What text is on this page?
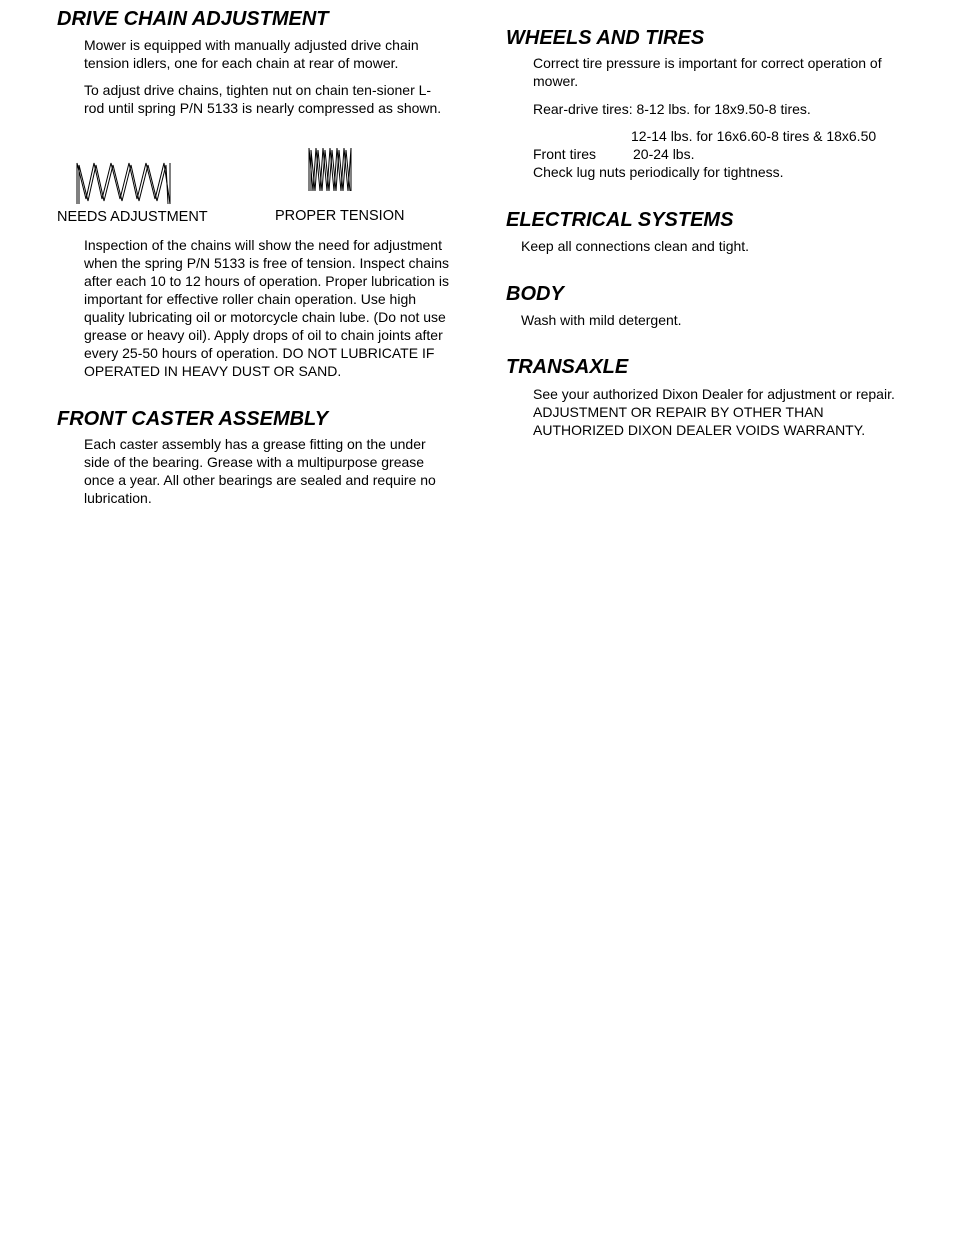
DRIVE CHAIN ADJUSTMENT

Mower is equipped with manually adjusted drive chain tension idlers, one for each chain at rear of mower.

To adjust drive chains, tighten nut on chain ten-sioner L-rod until spring P/N 5133 is nearly compressed as shown.

NEEDS ADJUSTMENT	PROPER TENSION

Inspection of the chains will show the need for adjustment when the spring P/N 5133 is free of tension. Inspect chains after each 10 to 12 hours of operation. Proper lubrication is important for effective roller chain operation. Use high quality lubricating oil or motorcycle chain lube. (Do not use grease or heavy oil). Apply drops of oil to chain joints after every 25-50 hours of operation. DO NOT LUBRICATE IF OPERATED IN HEAVY DUST OR SAND.

FRONT CASTER ASSEMBLY

Each caster assembly has a grease fitting on the under side of the bearing. Grease with a multipurpose grease once a year. All other bearings are sealed and require no lubrication.

WHEELS AND TIRES

Correct tire pressure is important for correct operation of mower.

Rear-drive tires: 8-12 lbs. for 18x9.50-8 tires.

12-14 lbs. for 16x6.60-8 tires & 18x6.50

Front tires	20-24 lbs.

Check lug nuts periodically for tightness.

ELECTRICAL SYSTEMS

Keep all connections clean and tight.

BODY

Wash with mild detergent.

TRANSAXLE

See your authorized Dixon Dealer for adjustment or repair. ADJUSTMENT OR REPAIR BY OTHER THAN AUTHORIZED DIXON DEALER VOIDS WARRANTY.
